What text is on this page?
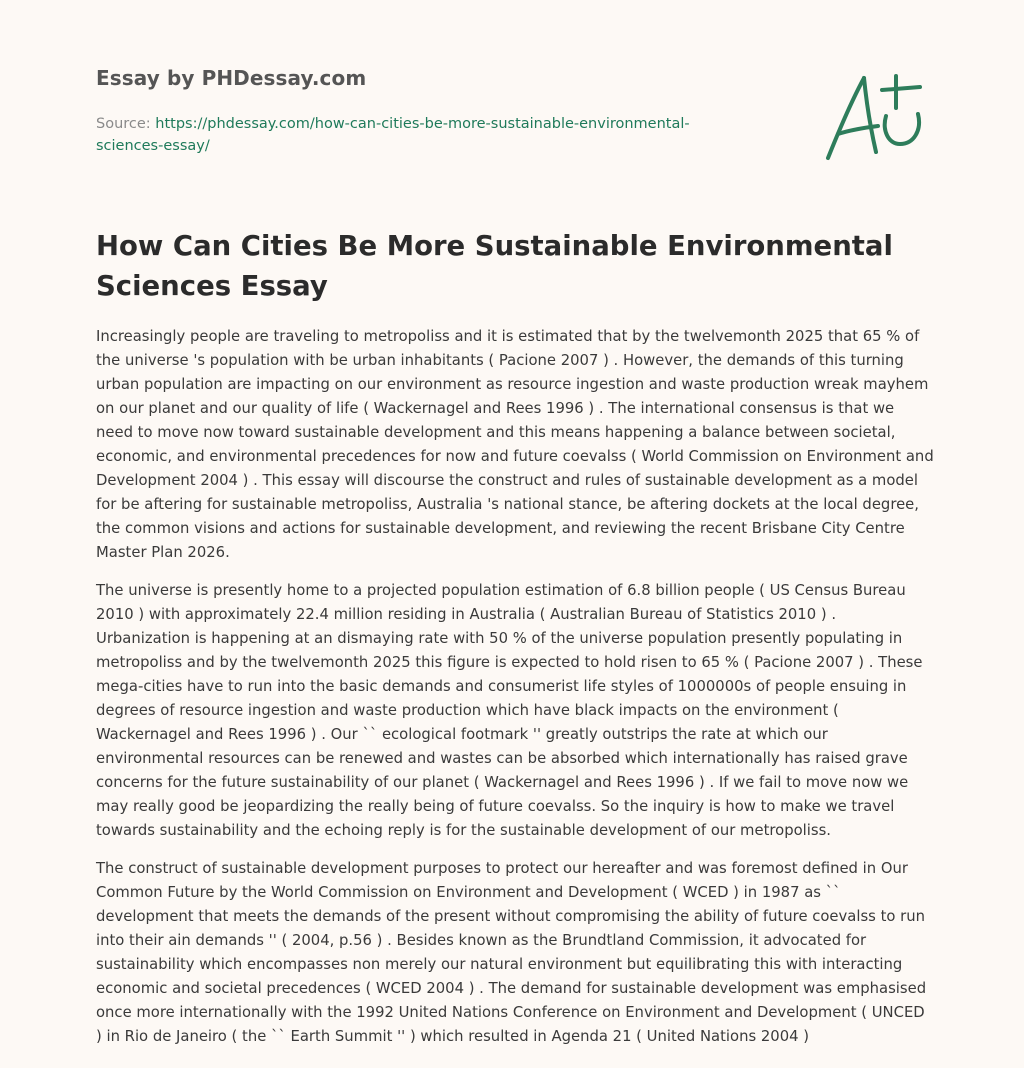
Essay by PHDessay.com
Source: https://phdessay.com/how-can-cities-be-more-sustainable-environmental-sciences-essay/
How Can Cities Be More Sustainable Environmental Sciences Essay

Increasingly people are traveling to metropoliss and it is estimated that by the twelvemonth 2025 that 65 % of the universe 's population with be urban inhabitants ( Pacione 2007 ) . However, the demands of this turning urban population are impacting on our environment as resource ingestion and waste production wreak mayhem on our planet and our quality of life ( Wackernagel and Rees 1996 ) . The international consensus is that we need to move now toward sustainable development and this means happening a balance between societal, economic, and environmental precedences for now and future coevalss ( World Commission on Environment and Development 2004 ) . This essay will discourse the construct and rules of sustainable development as a model for be aftering for sustainable metropoliss, Australia 's national stance, be aftering dockets at the local degree, the common visions and actions for sustainable development, and reviewing the recent Brisbane City Centre Master Plan 2026.

The universe is presently home to a projected population estimation of 6.8 billion people ( US Census Bureau 2010 ) with approximately 22.4 million residing in Australia ( Australian Bureau of Statistics 2010 ) . Urbanization is happening at an dismaying rate with 50 % of the universe population presently populating in metropoliss and by the twelvemonth 2025 this figure is expected to hold risen to 65 % ( Pacione 2007 ) . These mega-cities have to run into the basic demands and consumerist life styles of 1000000s of people ensuing in degrees of resource ingestion and waste production which have black impacts on the environment ( Wackernagel and Rees 1996 ) . Our `` ecological footmark '' greatly outstrips the rate at which our environmental resources can be renewed and wastes can be absorbed which internationally has raised grave concerns for the future sustainability of our planet ( Wackernagel and Rees 1996 ) . If we fail to move now we may really good be jeopardizing the really being of future coevalss. So the inquiry is how to make we travel towards sustainability and the echoing reply is for the sustainable development of our metropoliss.

The construct of sustainable development purposes to protect our hereafter and was foremost defined in Our Common Future by the World Commission on Environment and Development ( WCED ) in 1987 as `` development that meets the demands of the present without compromising the ability of future coevalss to run into their ain demands '' ( 2004, p.56 ) . Besides known as the Brundtland Commission, it advocated for sustainability which encompasses non merely our natural environment but equilibrating this with interacting economic and societal precedences ( WCED 2004 ) . The demand for sustainable development was emphasised once more internationally with the 1992 United Nations Conference on Environment and Development ( UNCED ) in Rio de Janeiro ( the `` Earth Summit '' ) which resulted in Agenda 21 ( United Nations 2004 )
